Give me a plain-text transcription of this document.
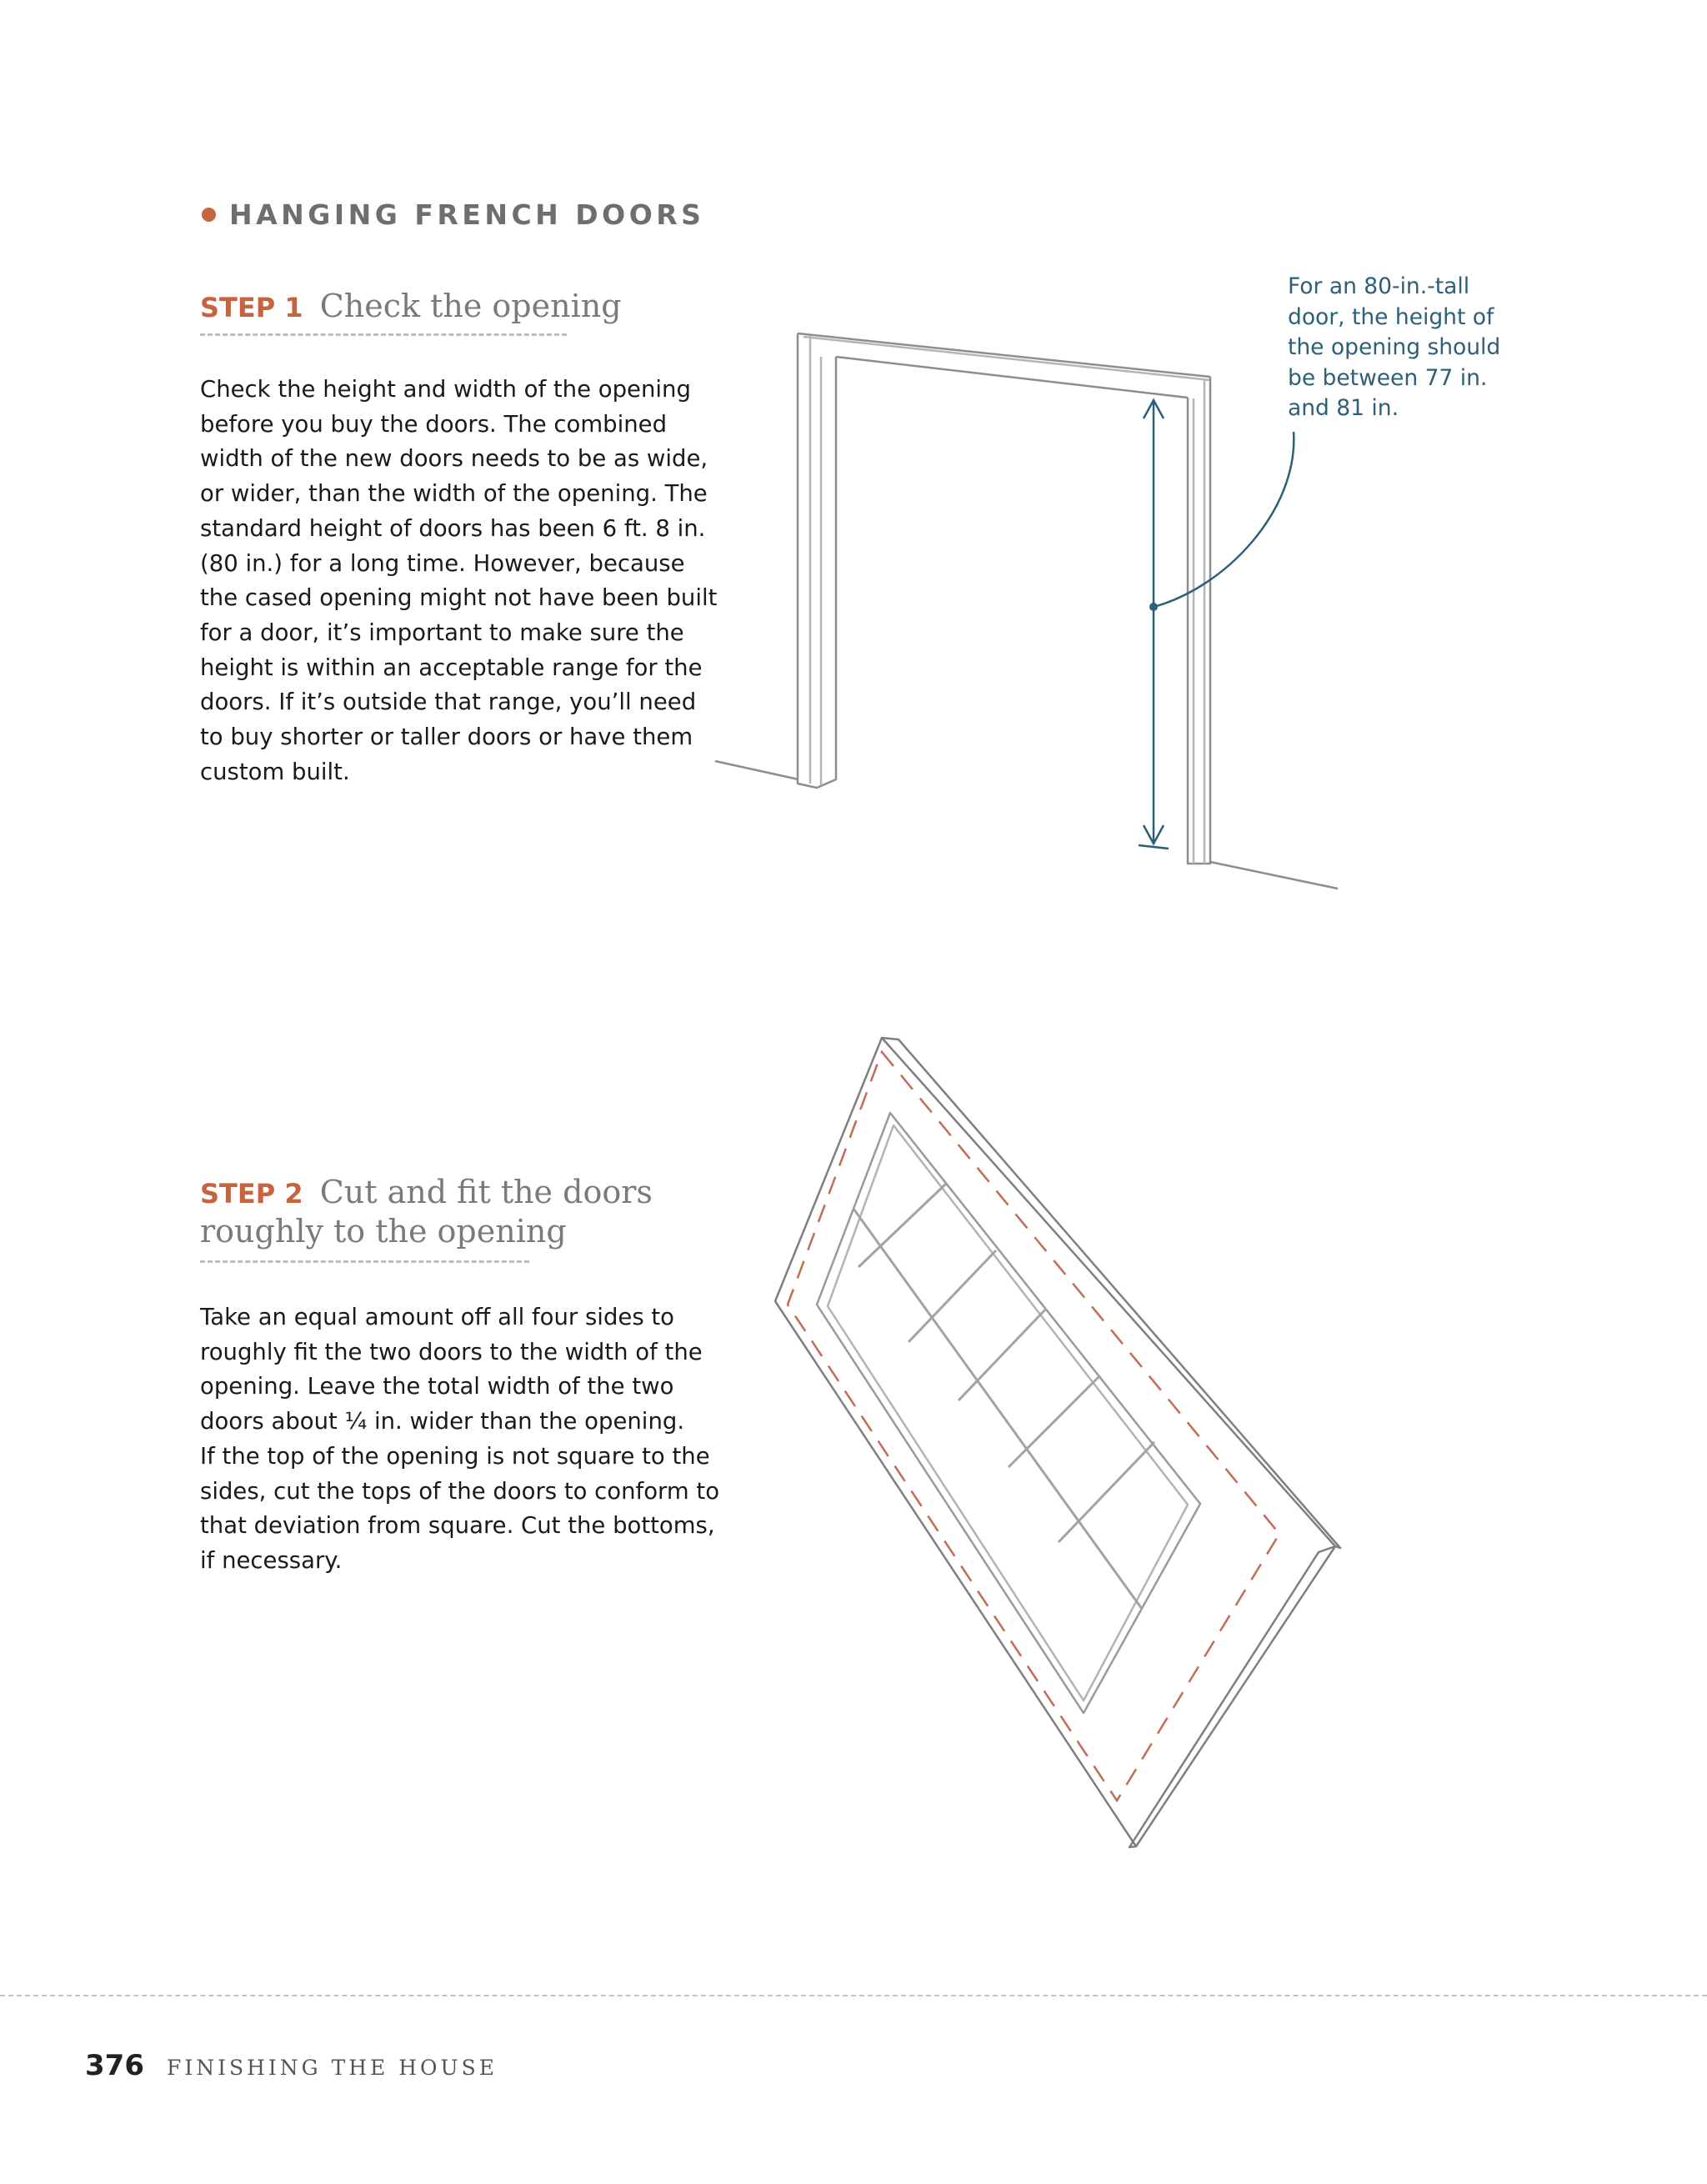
HANGING FRENCH DOORS
STEP 1 Check the opening
Check the height and width of the opening
before you buy the doors. The combined
width of the new doors needs to be as wide,
or wider, than the width of the opening. The
standard height of doors has been 6 ft. 8 in.
(80 in.) for a long time. However, because
the cased opening might not have been built
for a door, it’s important to make sure the
height is within an acceptable range for the
doors. If it’s outside that range, you’ll need
to buy shorter or taller doors or have them
custom built.
For an 80-in.-tall
door, the height of
the opening should
be between 77 in.
and 81 in.
STEP 2 Cut and fit the doors
roughly to the opening
Take an equal amount off all four sides to
roughly fit the two doors to the width of the
opening. Leave the total width of the two
doors about ¼ in. wider than the opening.
If the top of the opening is not square to the
sides, cut the tops of the doors to conform to
that deviation from square. Cut the bottoms,
if necessary.
376 FINISHING THE HOUSE
